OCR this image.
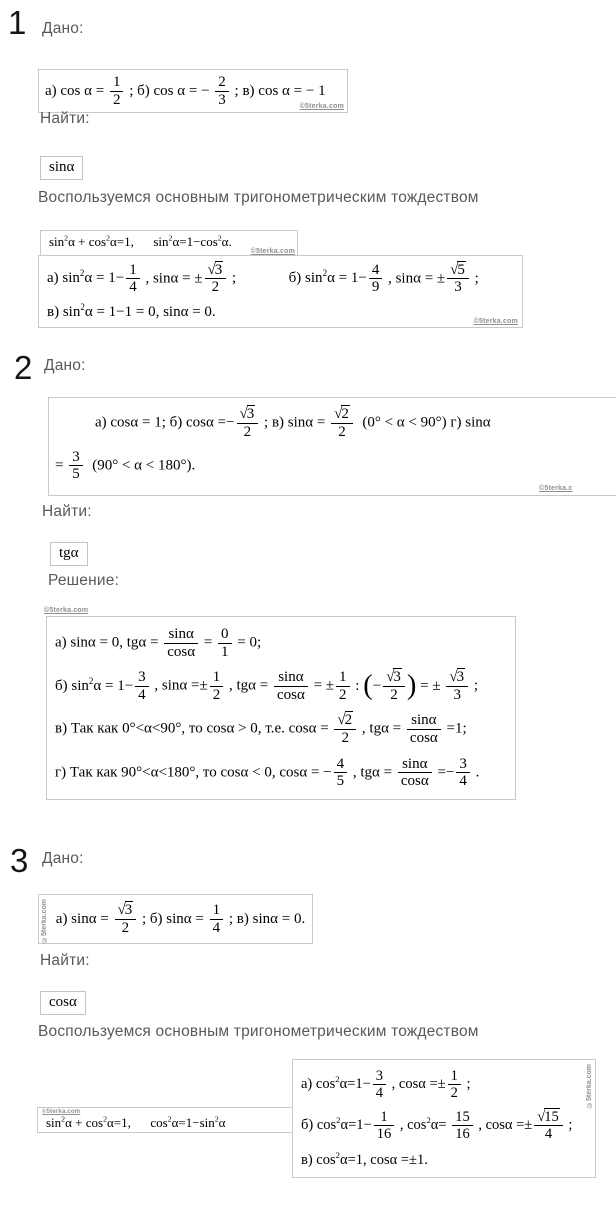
1 Дано:
а) $\cos \alpha = \frac{1}{2}$ ; б) cos α = − $\frac{2}{3}$ ; в) cos α = − 1
©5terka.com
Найти:
sinα
Воспользуемся основным тригонометрическим тождеством
$\sin^2\alpha + \cos^2\alpha=1$,  $\sin^2\alpha=1-\cos^2\alpha$.
©5terka.com
а) $\sin^2\alpha = 1- \frac{1}{4}$ , sinα = ± $\frac{√3}{2}$ ;    б) $\sin^2\alpha = 1- \frac{4}{9}$ , sinα = ± $\frac{√5}{3}$ ;
в) $\sin^2\alpha = 1-1 = 0$, sinα = 0.
©5terka.com
2 Дано:
а) cosα = 1; б) $\cos\alpha =- \frac{√3}{2}$ ; в) $\sin\alpha = \frac{√2}{2} (0^\circ < \alpha < 90^\circ)$ г) sinα
= $\frac{3}{5} (90^\circ < \alpha < 180^\circ)$.
©5terka.c
Найти:
tgα
Решение:
©5terka.com
а) sinα = 0, $tg\alpha = \frac{\sin\alpha}{\cos\alpha} = \frac{0}{1} = 0$;
б) $\sin^2\alpha = 1- \frac{3}{4}$ , $\sin\alpha =\pm \frac{1}{2}$ , $tg\alpha = \frac{\sin\alpha}{\cos\alpha}$ = ± $\frac{1}{2}$ : (− $\frac{√3}{2}$ ) = ± $\frac{√3}{3}$ ;
в) Так как 0°<α<90°, то cosα > 0, т.е. $\cos\alpha = \frac{√2}{2}$ , $tg\alpha = \frac{\sin\alpha}{\cos\alpha} =1$;
г) Так как 90°<α<180°, то cosα < 0, cosα = − $\frac{4}{5}$ , $tg\alpha = \frac{\sin\alpha}{\cos\alpha} =- \frac{3}{4}$ .
3 Дано:
©5terka.com а) $\sin\alpha = \frac{√3}{2}$ ; б) $\sin\alpha = \frac{1}{4}$ ; в) sinα = 0.
Найти:
cosα
Воспользуемся основным тригонометрическим тождеством
©5terka.com
$\sin^2\alpha + \cos^2\alpha=1$,  $\cos^2\alpha=1-\sin^2\alpha$
©5terka.com
а) $\cos^2\alpha=1- \frac{3}{4}$ , $\cos\alpha =\pm \frac{1}{2}$ ;
б) $\cos^2\alpha=1- \frac{1}{16}$ , $\cos^2\alpha= \frac{15}{16}$ , $\cos\alpha =\pm \frac{√15}{4}$ ;
в) $\cos^2\alpha=1$, cosα =±1.
